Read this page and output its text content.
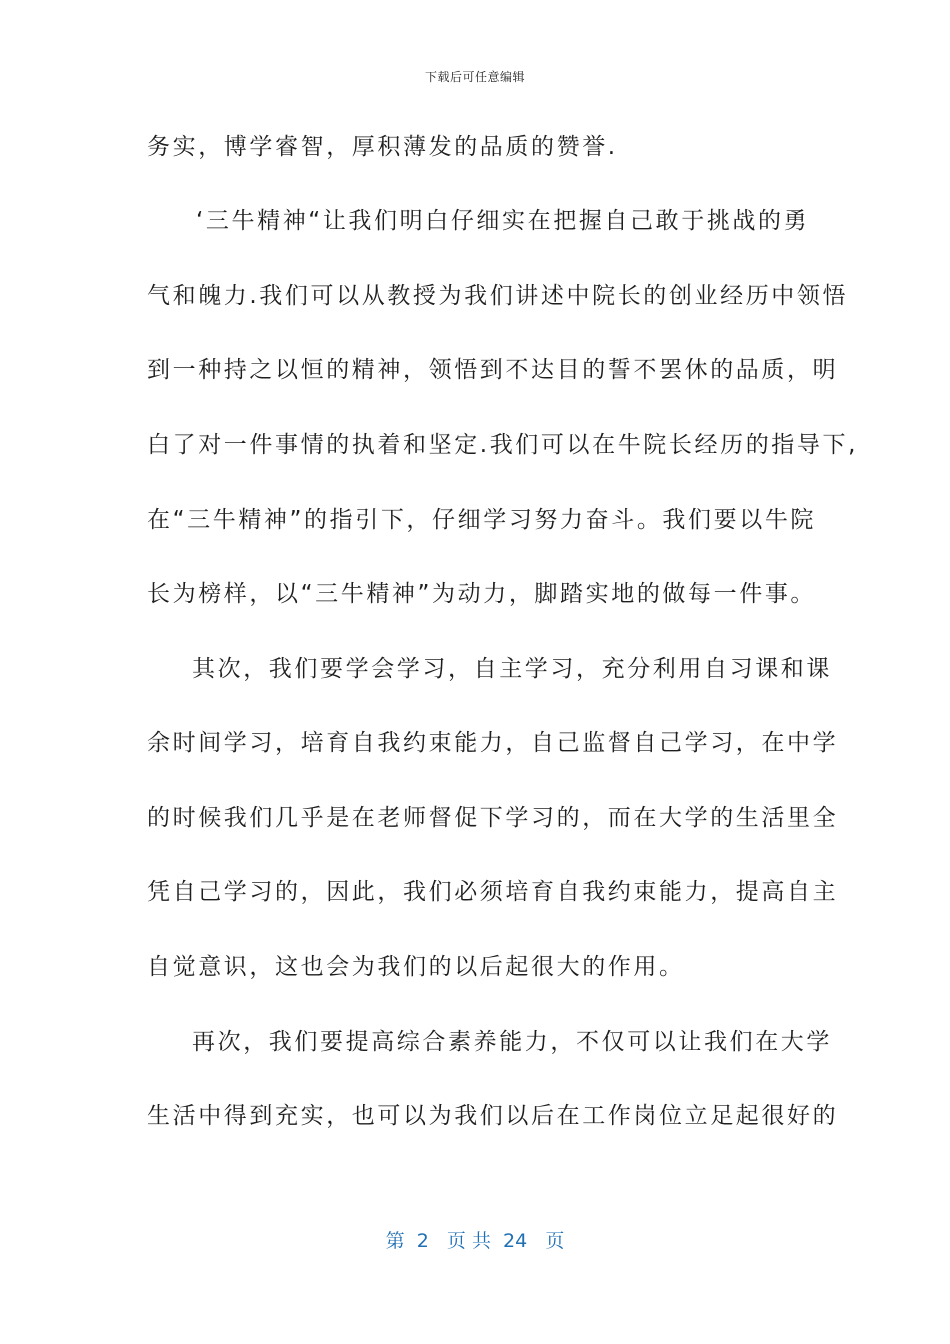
下载后可任意编辑
务实，博学睿智，厚积薄发的品质的赞誉.
‘三牛精神“让我们明白仔细实在把握自己敢于挑战的勇
气和魄力.我们可以从教授为我们讲述中院长的创业经历中领悟
到一种持之以恒的精神，领悟到不达目的誓不罢休的品质，明
白了对一件事情的执着和坚定.我们可以在牛院长经历的指导下,
在“三牛精神”的指引下，仔细学习努力奋斗。我们要以牛院
长为榜样，以“三牛精神”为动力，脚踏实地的做每一件事。
其次，我们要学会学习，自主学习，充分利用自习课和课
余时间学习，培育自我约束能力，自己监督自己学习，在中学
的时候我们几乎是在老师督促下学习的，而在大学的生活里全
凭自己学习的，因此，我们必须培育自我约束能力，提高自主
自觉意识，这也会为我们的以后起很大的作用。
再次，我们要提高综合素养能力，不仅可以让我们在大学
生活中得到充实，也可以为我们以后在工作岗位立足起很好的
第  2   页 共  24   页
